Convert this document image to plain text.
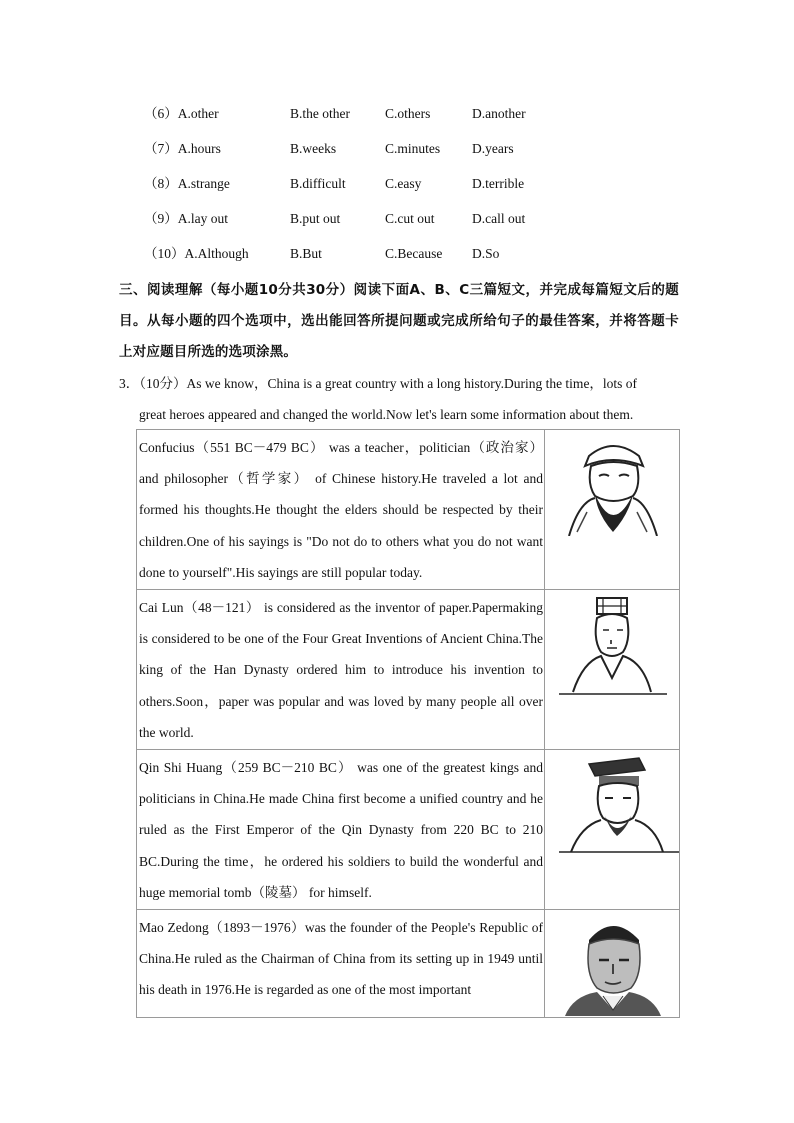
（6）A.other	B.the other	C.others	D.another
（7）A.hours	B.weeks	C.minutes D.years
（8）A.strange	B.difficult	C.easy	D.terrible
（9）A.lay out	B.put out	C.cut out	D.call out
（10）A.Although	B.But	C.Because D.So
三、阅读理解（每小题10分共30分）阅读下面A、B、C三篇短文，并完成每篇短文后的题目。从每小题的四个选项中，选出能回答所提问题或完成所给句子的最佳答案，并将答题卡上对应题目所选的选项涂黑。
3．（10分）As we know，China is a great country with a long history.During the time，lots of
great heroes appeared and changed the world.Now let's learn some information about them.
Confucius（551 BC－479 BC） was a teacher，politician（政治家）and philosopher（哲学家） of Chinese history.He traveled a lot and formed his thoughts.He thought the elders should be respected by their children.One of his sayings is "Do not do to others what you do not want done to yourself".His sayings are still popular today.	

Cai Lun（48－121） is considered as the inventor of paper.Papermaking is considered to be one of the Four Great Inventions of Ancient China.The king of the Han Dynasty ordered him to introduce his invention to others.Soon，paper was popular and was loved by many people all over the world.	

Qin Shi Huang（259 BC－210 BC） was one of the greatest kings and politicians in China.He made China first become a unified country and he ruled as the First Emperor of the Qin Dynasty from 220 BC to 210 BC.During the time，he ordered his soldiers to build the wonderful and huge memorial tomb（陵墓） for himself.	

Mao Zedong（1893－1976）was the founder of the People's Republic of China.He ruled as the Chairman of China from its setting up in 1949 until his death in 1976.He is regarded as one of the most important	
